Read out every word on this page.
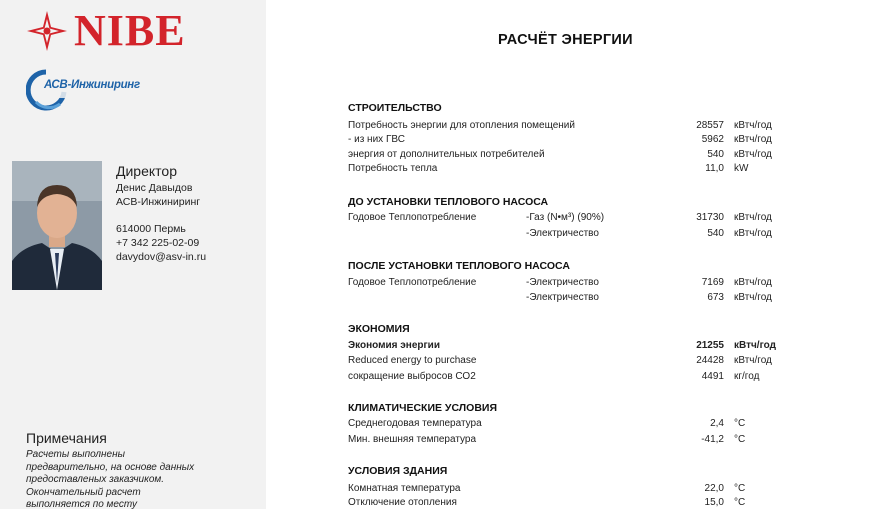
NIBE
АСВ-Инжиниринг
Директор
Денис Давыдов
АСВ-Инжиниринг
614000 Пермь
+7 342 225-02-09
davydov@asv-in.ru
Примечания
Расчеты выполнены
предварительно, на основе данных
предоставленых заказчиком.
Окончательный расчет
выполняется по месту
РАСЧЁТ ЭНЕРГИИ
СТРОИТЕЛЬСТВО
Потребность энергии для отопления помещений	28557 кВтч/год
- из них ГВС	5962 кВтч/год
энергия от дополнительных потребителей	540 кВтч/год
Потребность тепла	11,0 kW
ДО УСТАНОВКИ ТЕПЛОВОГО НАСОСА
Годовое Теплопотребление	-Газ (N•м³) (90%)	31730 кВтч/год
-Электричество	540 кВтч/год
ПОСЛЕ УСТАНОВКИ ТЕПЛОВОГО НАСОСА
Годовое Теплопотребление	-Электричество	7169 кВтч/год
-Электричество	673 кВтч/год
ЭКОНОМИЯ
Экономия энергии	21255 кВтч/год
Reduced energy to purchase	24428 кВтч/год
сокращение выбросов СО2	4491 кг/год
КЛИМАТИЧЕСКИЕ УСЛОВИЯ
Среднегодовая температура	2,4 °С
Мин. внешняя температура	-41,2 °С
УСЛОВИЯ ЗДАНИЯ
Комнатная температура	22,0 °С
Отключение отопления	15,0 °С
